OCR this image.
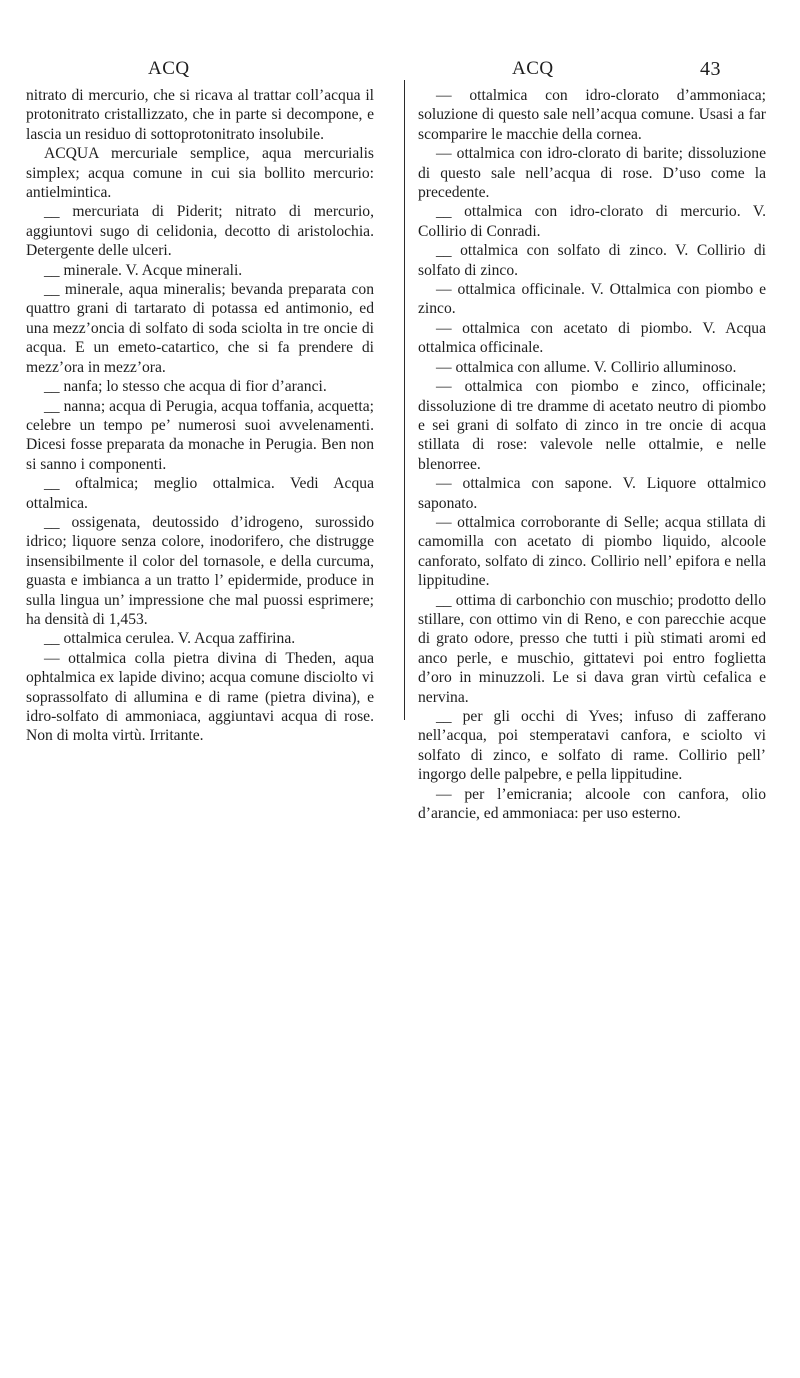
ACQ	ACQ	43

nitrato di mercurio, che si ricava al trattar coll’acqua il protonitrato cristallizzato, che in parte si decompone, e lascia un residuo di sottoprotonitrato insolubile.

ACQUA mercuriale semplice, aqua mercurialis simplex; acqua comune in cui sia bollito mercurio: antielmintica.

__ mercuriata di Piderit; nitrato di mercurio, aggiuntovi sugo di celidonia, decotto di aristolochia. Detergente delle ulceri.

__ minerale. V. Acque minerali.

__ minerale, aqua mineralis; bevanda preparata con quattro grani di tartarato di potassa ed antimonio, ed una mezz’oncia di solfato di soda sciolta in tre oncie di acqua. E un emeto-catartico, che si fa prendere di mezz’ora in mezz’ora.

__ nanfa; lo stesso che acqua di fior d’aranci.

__ nanna; acqua di Perugia, acqua toffania, acquetta; celebre un tempo pe’ numerosi suoi avvelenamenti. Dicesi fosse preparata da monache in Perugia. Ben non si sanno i componenti.

__ oftalmica; meglio ottalmica. Vedi Acqua ottalmica.

__ ossigenata, deutossido d’idrogeno, surossido idrico; liquore senza colore, inodorifero, che distrugge insensibilmente il color del tornasole, e della curcuma, guasta e imbianca a un tratto l’ epidermide, produce in sulla lingua un’ impressione che mal puossi esprimere; ha densità di 1,453.

__ ottalmica cerulea. V. Acqua zaffirina.

— ottalmica colla pietra divina di Theden, aqua ophtalmica ex lapide divino; acqua comune disciolto vi soprassolfato di allumina e di rame (pietra divina), e idro-solfato di ammoniaca, aggiuntavi acqua di rose. Non di molta virtù. Irritante.

— ottalmica con idro-clorato d’ammoniaca; soluzione di questo sale nell’acqua comune. Usasi a far scomparire le macchie della cornea.

— ottalmica con idro-clorato di barite; dissoluzione di questo sale nell’acqua di rose. D’uso come la precedente.

__ ottalmica con idro-clorato di mercurio. V. Collirio di Conradi.

__ ottalmica con solfato di zinco. V. Collirio di solfato di zinco.

— ottalmica officinale. V. Ottalmica con piombo e zinco.

— ottalmica con acetato di piombo. V. Acqua ottalmica officinale.

— ottalmica con allume. V. Collirio alluminoso.

— ottalmica con piombo e zinco, officinale; dissoluzione di tre dramme di acetato neutro di piombo e sei grani di solfato di zinco in tre oncie di acqua stillata di rose: valevole nelle ottalmie, e nelle blenorree.

— ottalmica con sapone. V. Liquore ottalmico saponato.

— ottalmica corroborante di Selle; acqua stillata di camomilla con acetato di piombo liquido, alcoole canforato, solfato di zinco. Collirio nell’ epifora e nella lippitudine.

__ ottima di carbonchio con muschio; prodotto dello stillare, con ottimo vin di Reno, e con parecchie acque di grato odore, presso che tutti i più stimati aromi ed anco perle, e muschio, gittatevi poi entro foglietta d’oro in minuzzoli. Le si dava gran virtù cefalica e nervina.

__ per gli occhi di Yves; infuso di zafferano nell’acqua, poi stemperatavi canfora, e sciolto vi solfato di zinco, e solfato di rame. Collirio pell’ ingorgo delle palpebre, e pella lippitudine.

— per l’emicrania; alcoole con canfora, olio d’arancie, ed ammoniaca: per uso esterno.
